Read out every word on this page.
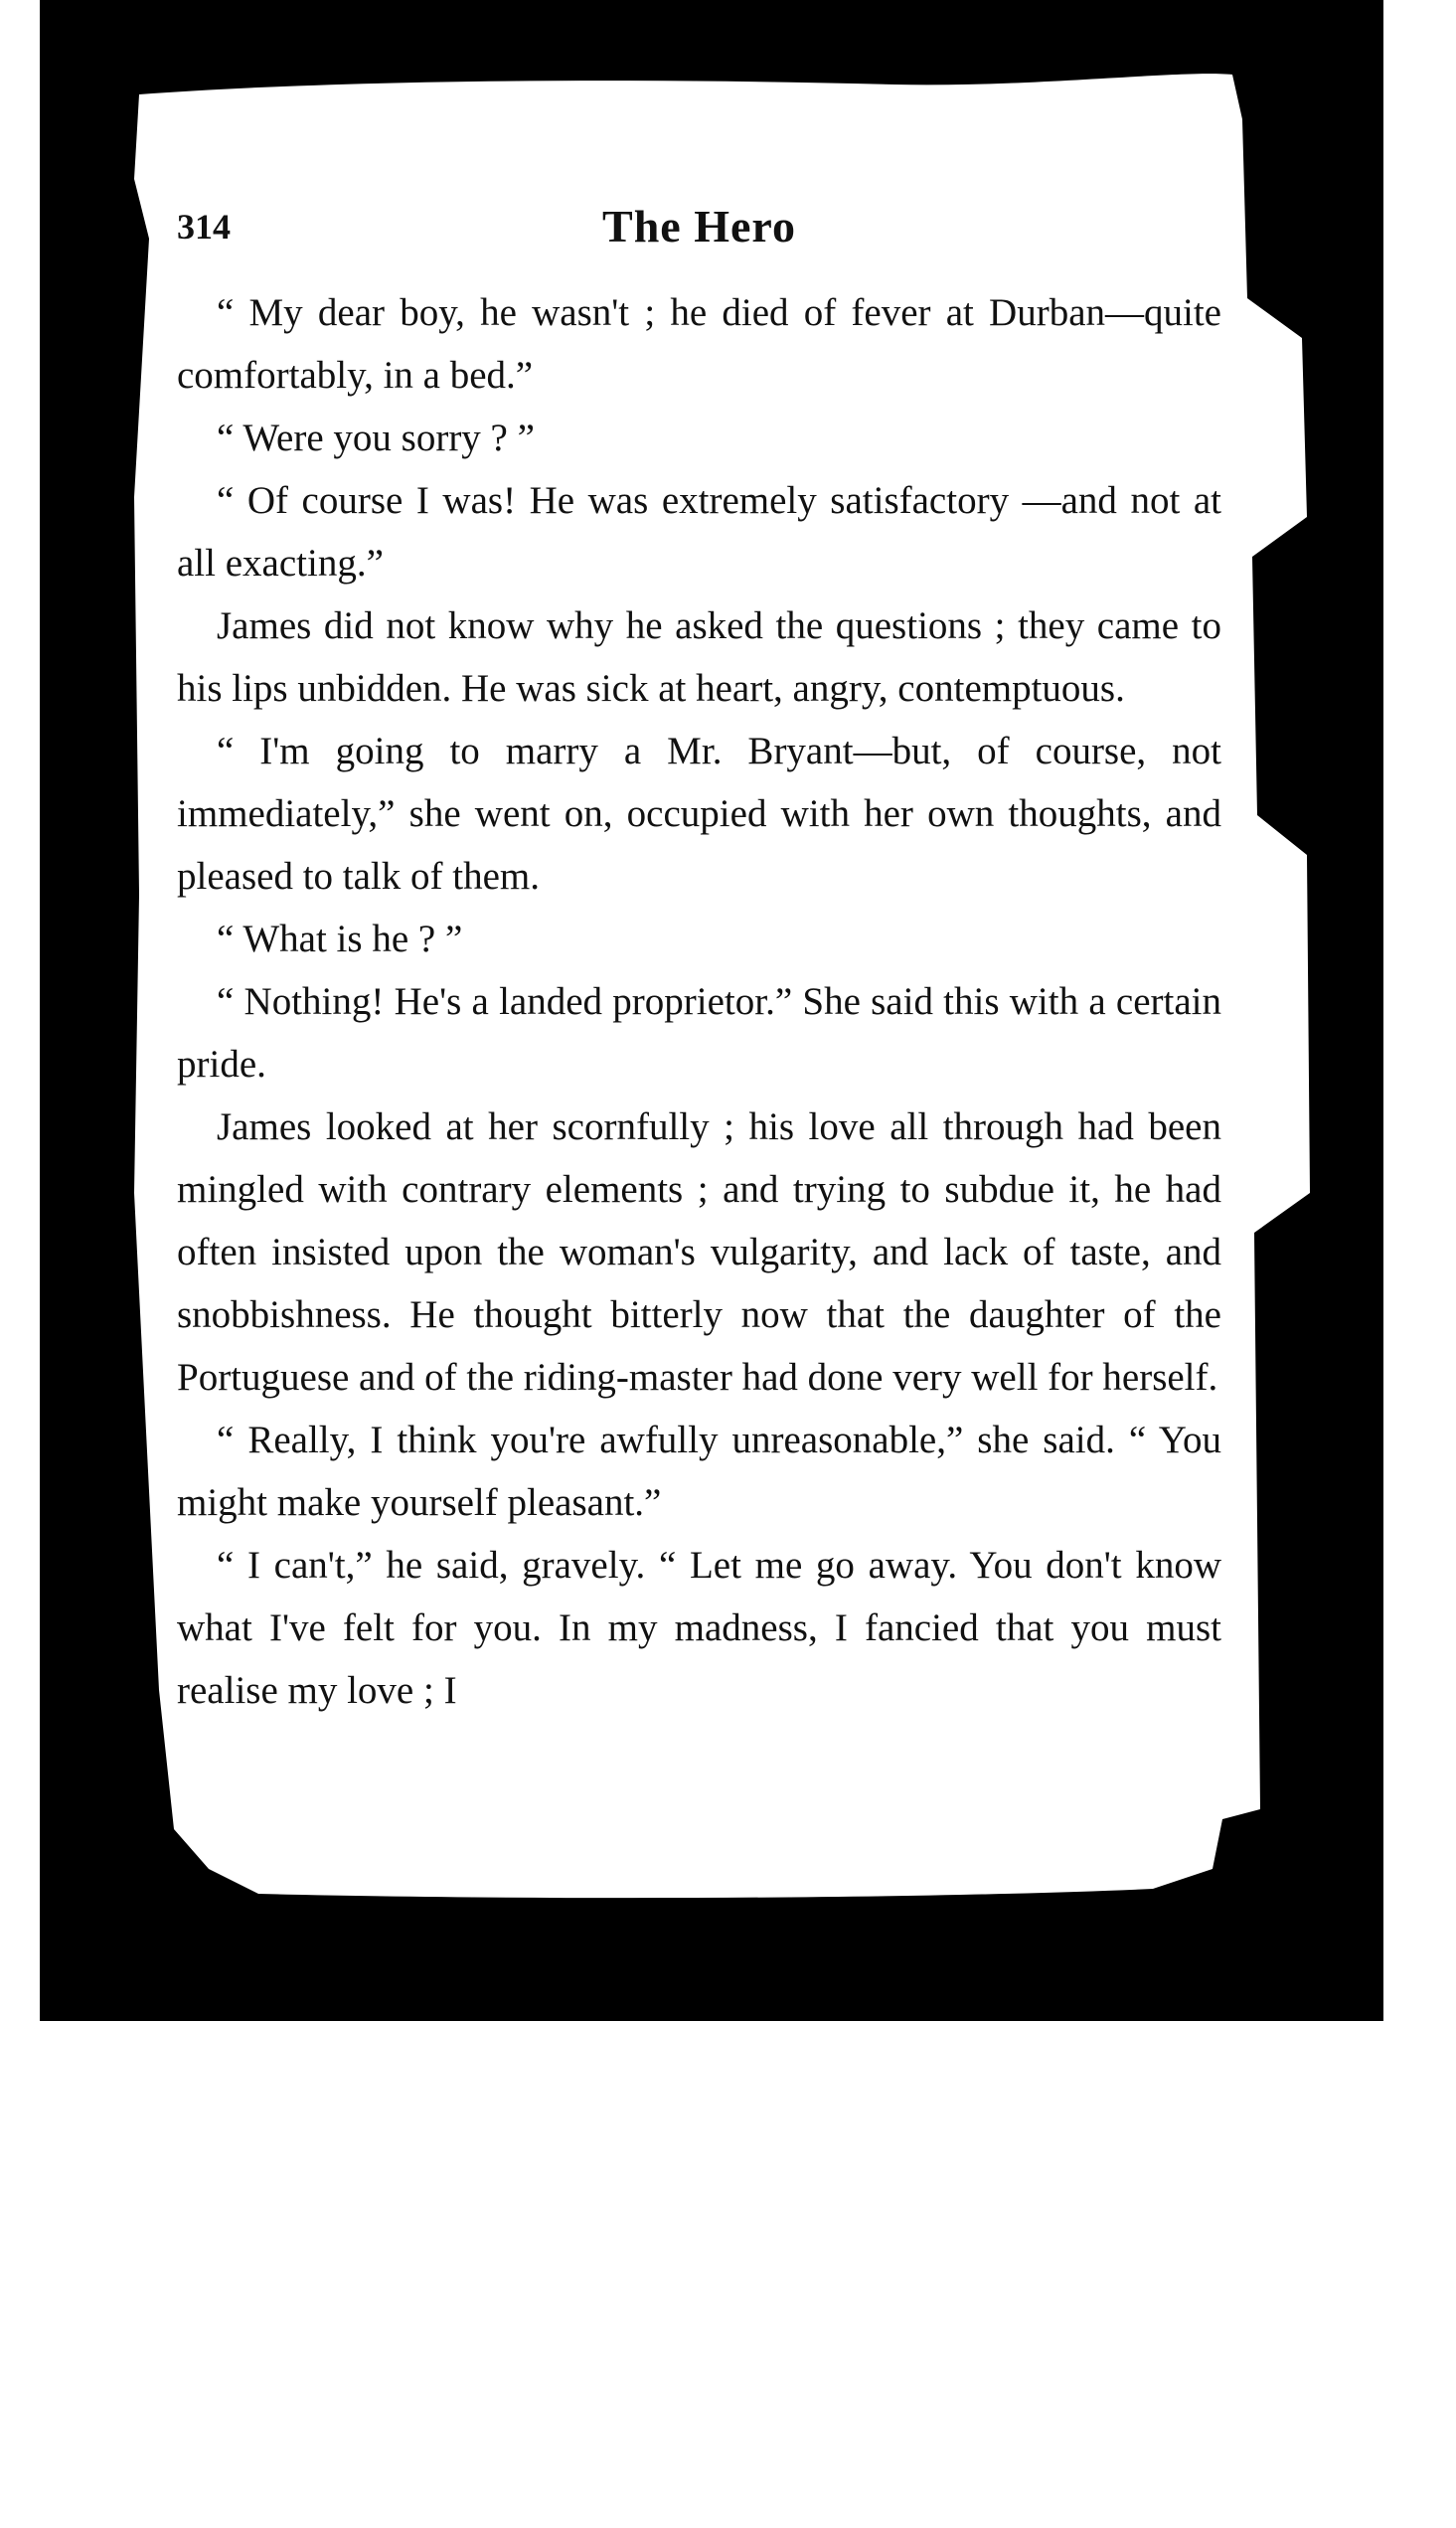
314	The Hero

“ My dear boy, he wasn't ; he died of fever at Durban—quite comfortably, in a bed.”

“ Were you sorry ? ”

“ Of course I was! He was extremely satisfactory —and not at all exacting.”

James did not know why he asked the questions ; they came to his lips unbidden. He was sick at heart, angry, contemptuous.

“ I'm going to marry a Mr. Bryant—but, of course, not immediately,” she went on, occupied with her own thoughts, and pleased to talk of them.

“ What is he ? ”

“ Nothing! He's a landed proprietor.” She said this with a certain pride.

James looked at her scornfully ; his love all through had been mingled with contrary elements ; and trying to subdue it, he had often insisted upon the woman's vulgarity, and lack of taste, and snobbishness. He thought bitterly now that the daughter of the Portuguese and of the riding-master had done very well for herself.

“ Really, I think you're awfully unreasonable,” she said. “ You might make yourself pleasant.”

“ I can't,” he said, gravely. “ Let me go away. You don't know what I've felt for you. In my madness, I fancied that you must realise my love ; I
